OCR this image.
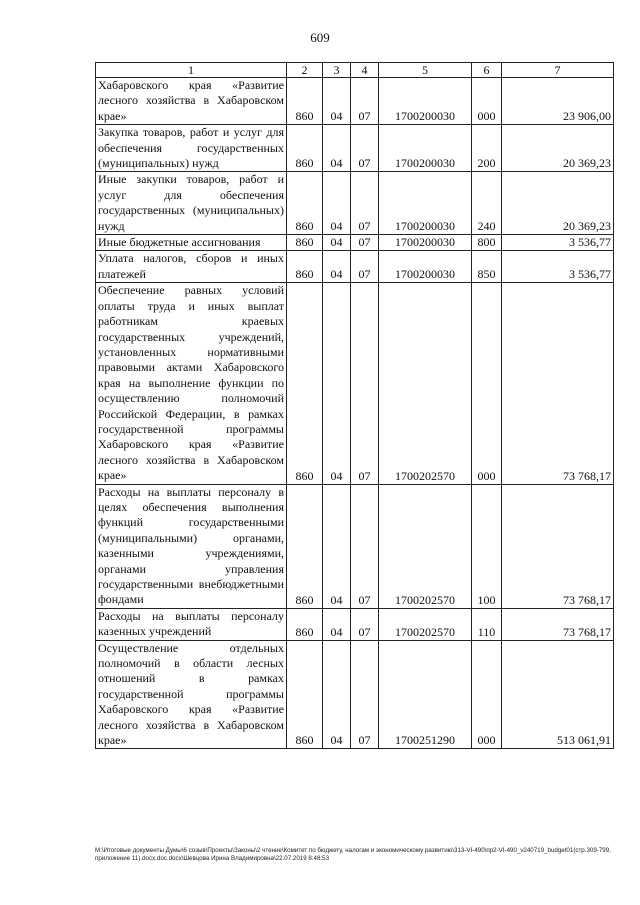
609
1	2	3	4	5	6	7
Хабаровского края «Развитие лесного хозяйства в Хабаровском крае»	860	04	07	1700200030	000	23 906,00
Закупка товаров, работ и услуг для обеспечения государственных (муниципальных) нужд	860	04	07	1700200030	200	20 369,23
Иные закупки товаров, работ и услуг для обеспечения государственных (муниципальных) нужд	860	04	07	1700200030	240	20 369,23
Иные бюджетные ассигнования	860	04	07	1700200030	800	3 536,77
Уплата налогов, сборов и иных платежей	860	04	07	1700200030	850	3 536,77
Обеспечение равных условий оплаты труда и иных выплат работникам краевых государственных учреждений, установленных нормативными правовыми актами Хабаровского края на выполнение функции по осуществлению полномочий Российской Федерации, в рамках государственной программы Хабаровского края «Развитие лесного хозяйства в Хабаровском крае»	860	04	07	1700202570	000	73 768,17
Расходы на выплаты персоналу в целях обеспечения выполнения функций государственными (муниципальными) органами, казенными учреждениями, органами управления государственными внебюджетными фондами	860	04	07	1700202570	100	73 768,17
Расходы на выплаты персоналу казенных учреждений	860	04	07	1700202570	110	73 768,17
Осуществление отдельных полномочий в области лесных отношений в рамках государственной программы Хабаровского края «Развитие лесного хозяйства в Хабаровском крае»	860	04	07	1700251290	000	513 061,91
M:\Итоговые документы Думы\6 созыв\Проекты\Законы\2 чтение\Комитет по бюджету, налогам и экономическому развитию\313-VI-490\пр2-VI-490_v240719_budget01(стр.309-799, приложение 11).docx.doc.docx\Шевцова Ирина Владимировна\22.07.2019 8:48:53
